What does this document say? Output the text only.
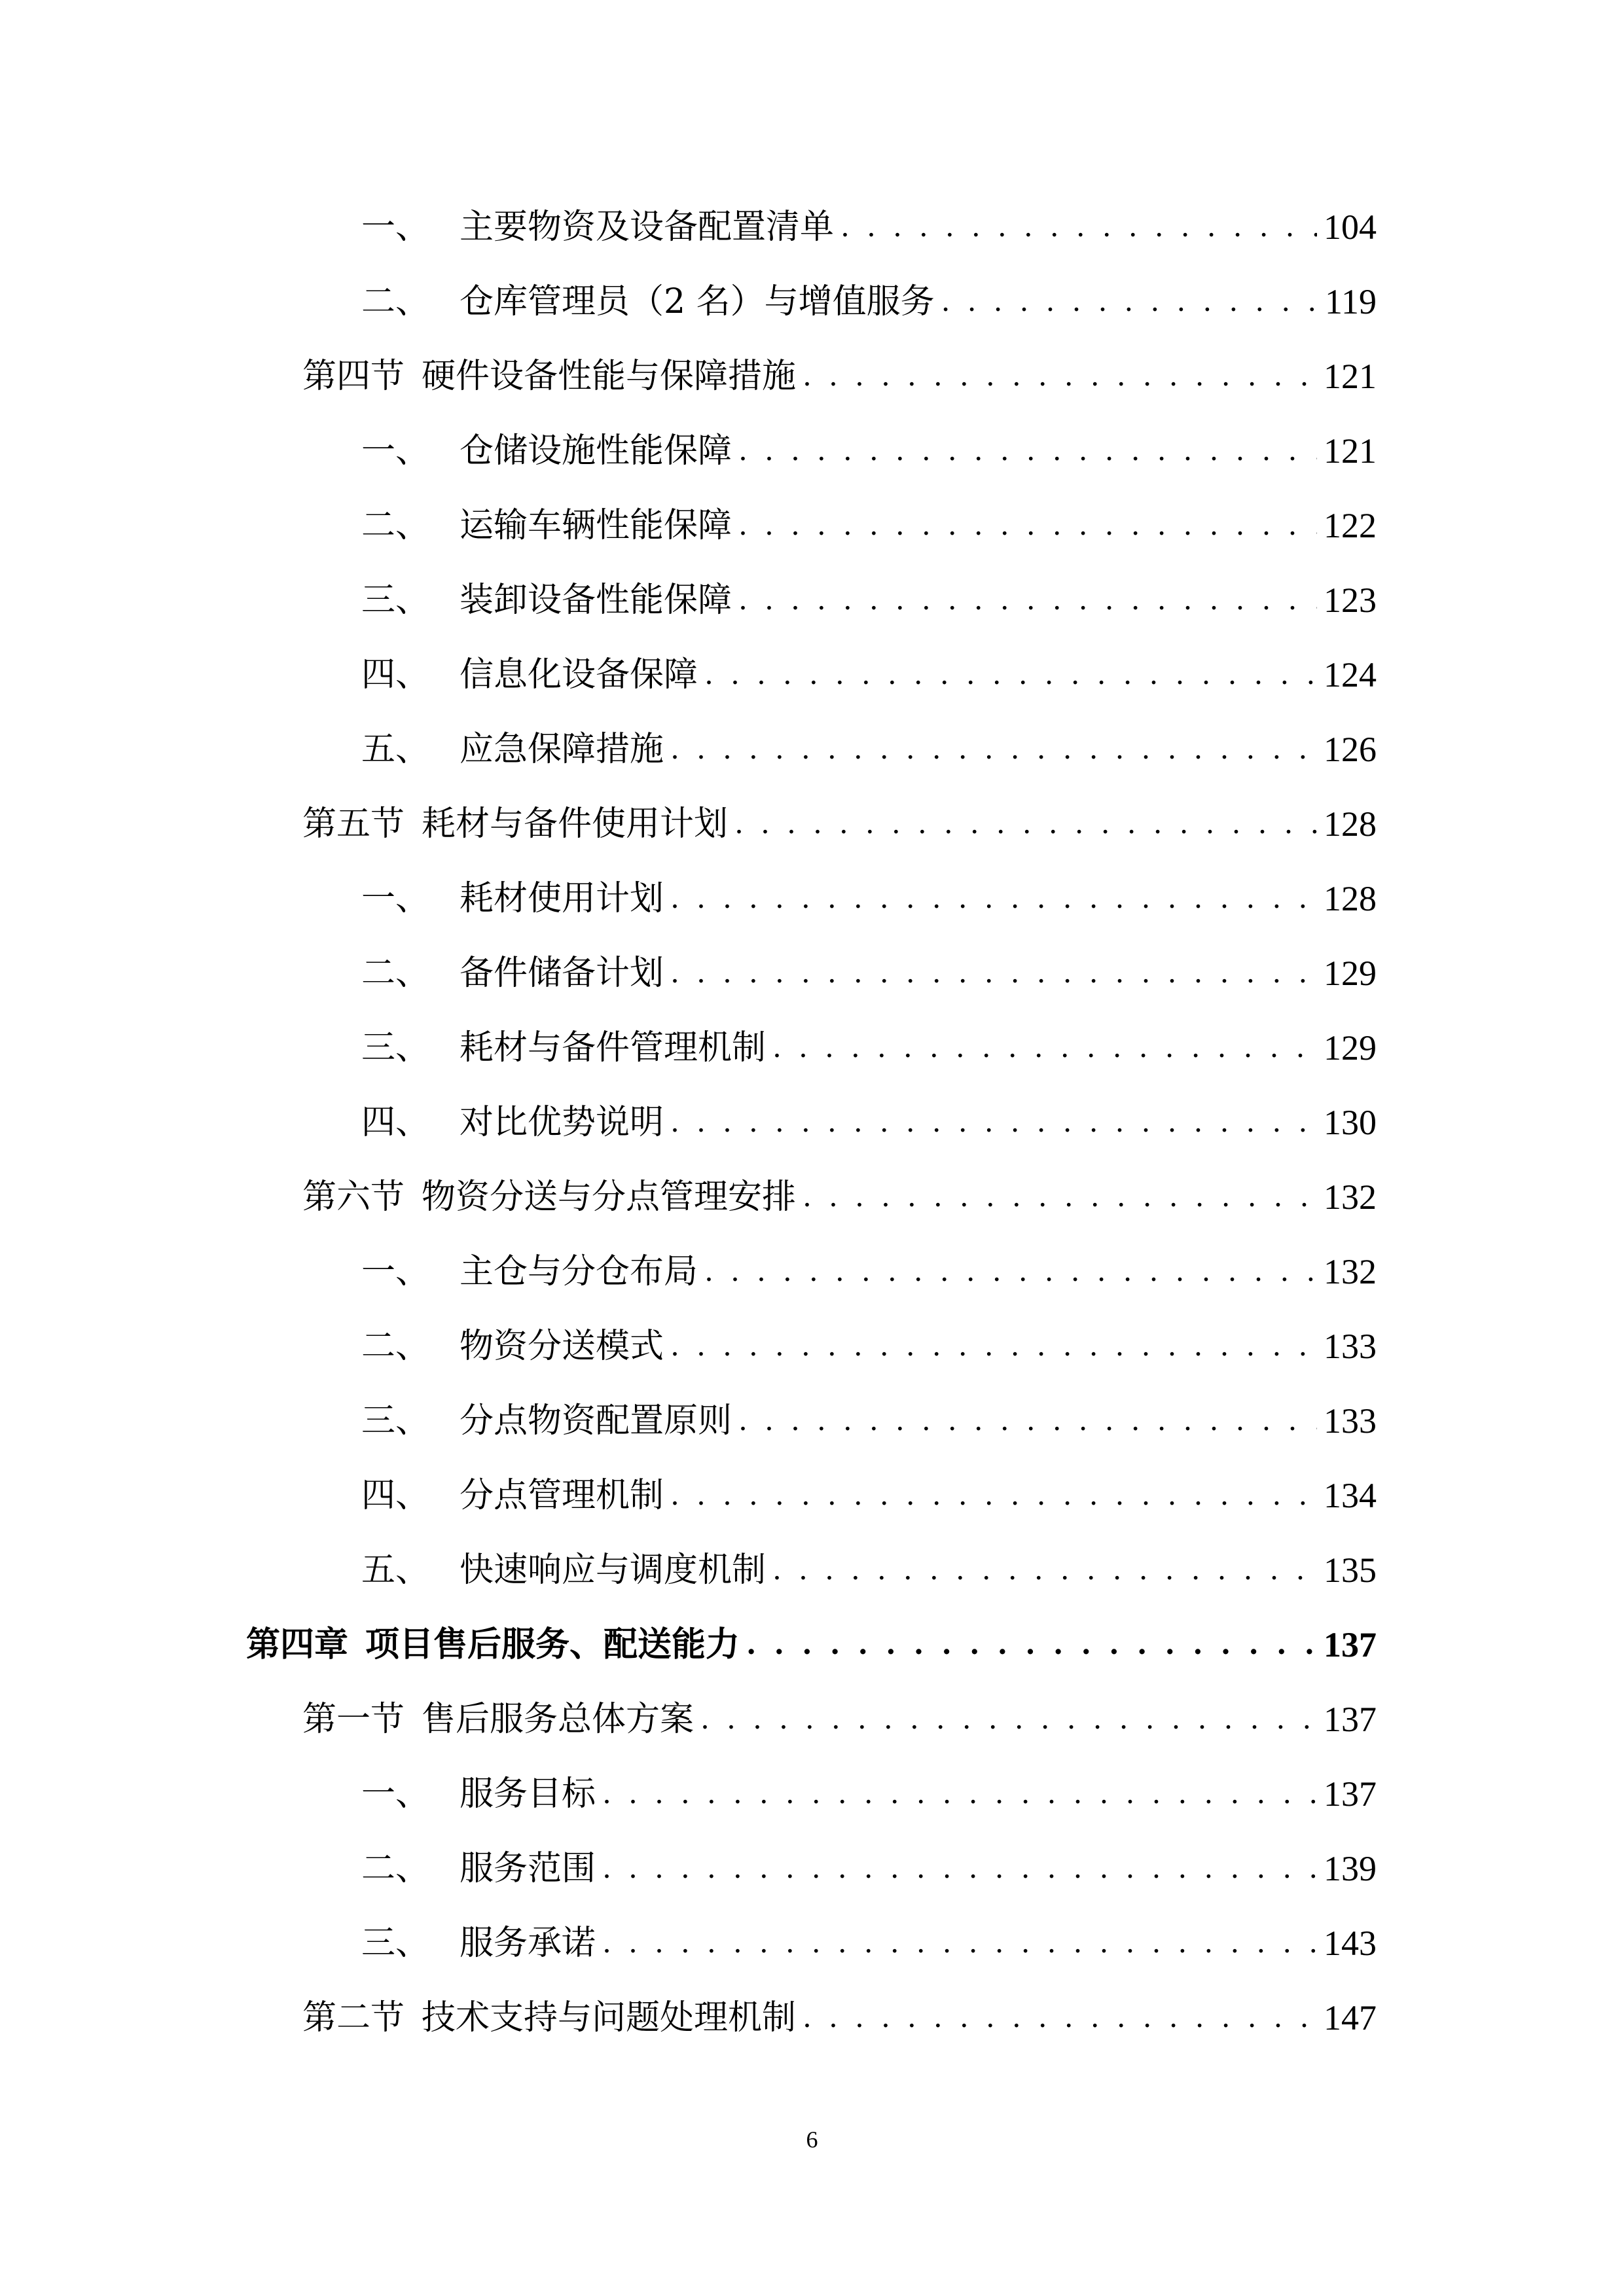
一、 主要物资及设备配置清单 . . .	104
二、 仓库管理员（2 名）与增值服务 . . .	119
第四节 硬件设备性能与保障措施 . . .	121
一、 仓储设施性能保障 . . .	121
二、 运输车辆性能保障 . . .	122
三、 装卸设备性能保障 . . .	123
四、 信息化设备保障 . . .	124
五、 应急保障措施 . . .	126
第五节 耗材与备件使用计划 . . .	128
一、 耗材使用计划 . . .	128
二、 备件储备计划 . . .	129
三、 耗材与备件管理机制 . . .	129
四、 对比优势说明 . . .	130
第六节 物资分送与分点管理安排 . . .	132
一、 主仓与分仓布局 . . .	132
二、 物资分送模式 . . .	133
三、 分点物资配置原则 . . .	133
四、 分点管理机制 . . .	134
五、 快速响应与调度机制 . . .	135
第四章 项目售后服务、配送能力 . . .	137
第一节 售后服务总体方案 . . .	137
一、 服务目标 . . .	137
二、 服务范围 . . .	139
三、 服务承诺 . . .	143
第二节 技术支持与问题处理机制 . . .	147
6
